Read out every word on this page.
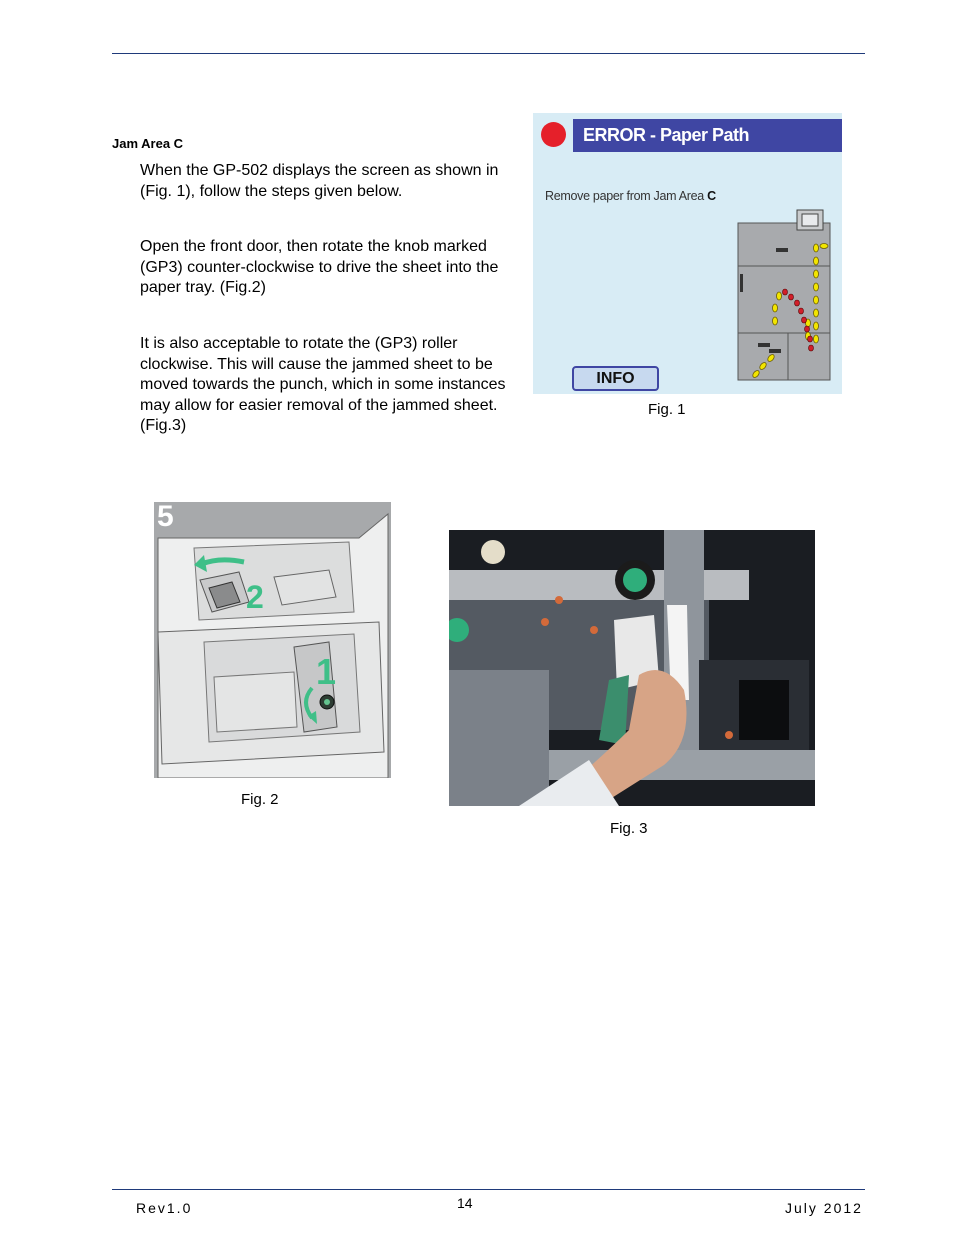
Jam Area C
When the GP-502 displays the screen as shown in (Fig. 1), follow the steps given below.
Open the front door, then rotate the knob marked (GP3) counter-clockwise to drive the sheet into the paper tray. (Fig.2)
It is also acceptable to rotate the (GP3) roller clockwise. This will cause the jammed sheet to be moved towards the punch, which in some instances may allow for easier removal of the jammed sheet. (Fig.3)
ERROR - Paper Path
Remove paper from Jam Area C
INFO
Fig. 1
2
1
5
Fig. 2
Fig. 3
Rev1.0	14	July 2012
